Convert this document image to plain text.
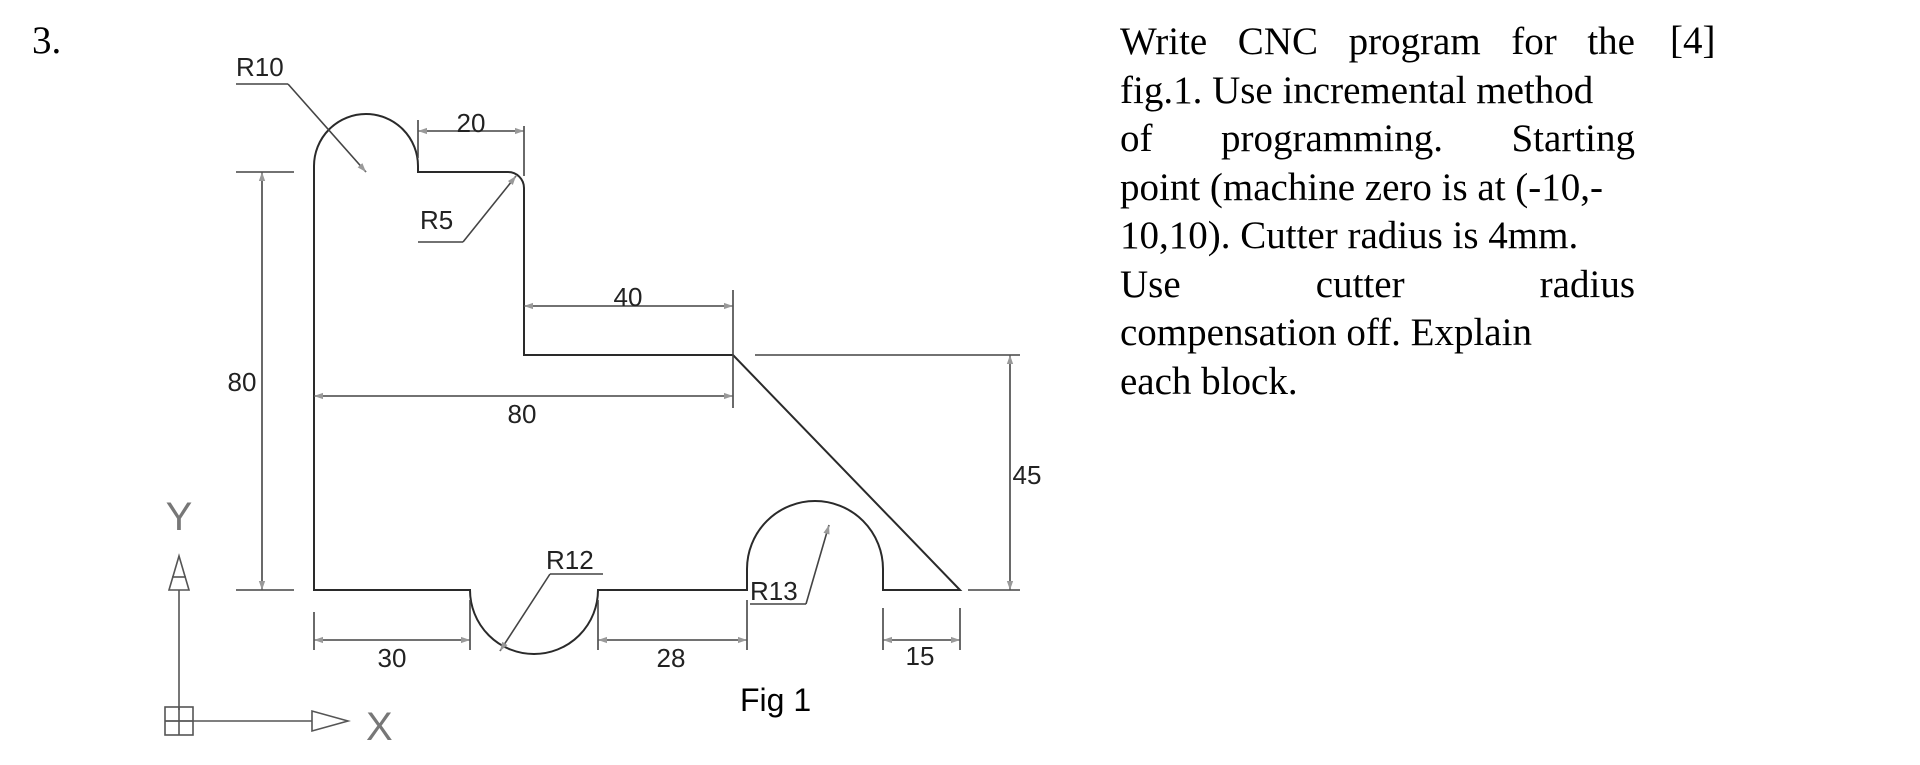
3.	Write CNC program for the
fig.1. Use incremental method
of programming. Starting
point (machine zero is at (-10,-
10,10). Cutter radius is 4mm.
Use cutter radius
compensation off. Explain
each block.
[4]
R10
20
R5
40
80
80
45
R12
R13
30	28	15
Y
X
Fig 1
